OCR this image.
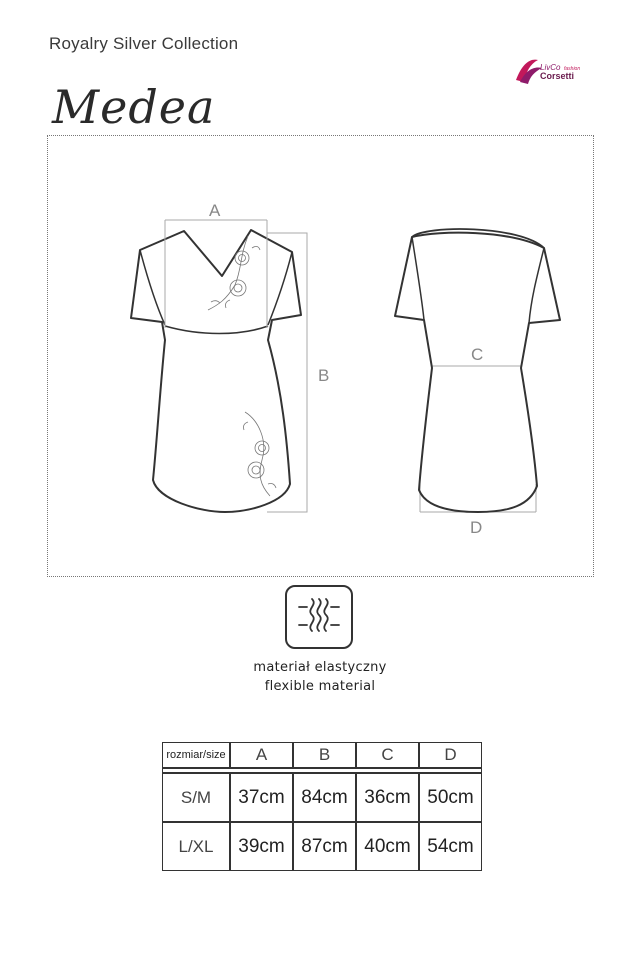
Royalry Silver Collection
LivCo fashion
Corsetti
Medea
A
B
C
D
materiał elastyczny
flexible material
rozmiar/size	A	B	C	D

S/M	37cm	84cm	36cm	50cm
L/XL	39cm	87cm	40cm	54cm
